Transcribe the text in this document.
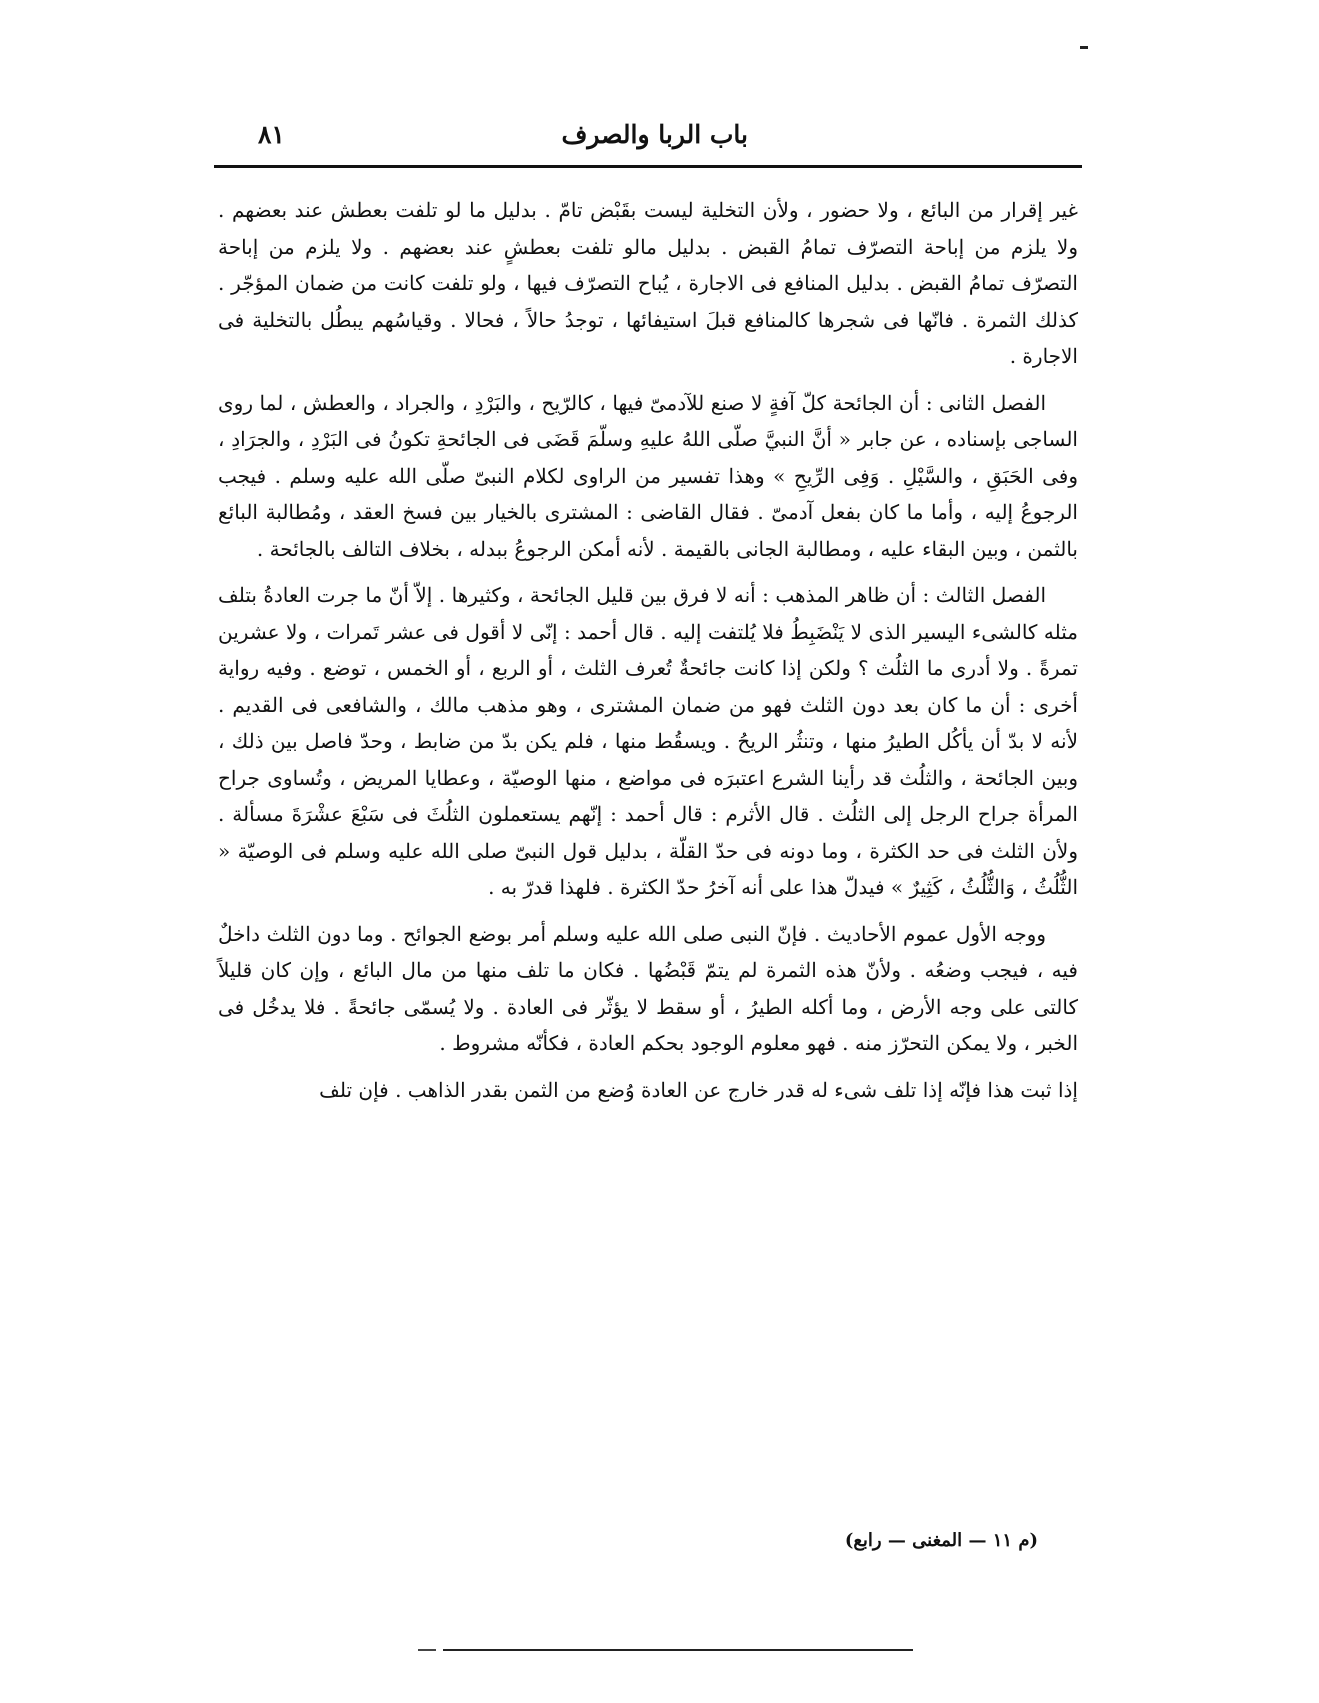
باب الربا والصرف
٨١

غير إقرار من البائع ، ولا حضور ، ولأن التخلية ليست بقَبْض تامّ . بدليل ما لو تلفت بعطش عند بعضهم . ولا يلزم من إباحة التصرّف تمامُ القبض . بدليل مالو تلفت بعطشٍ عند بعضهم . ولا يلزم من إباحة التصرّف تمامُ القبض . بدليل المنافع فى الاجارة ، يُباح التصرّف فيها ، ولو تلفت كانت من ضمان المؤجّر . كذلك الثمرة . فانّها فى شجرها كالمنافع قبلَ استيفائها ، توجدُ حالاً ، فحالا . وقياسُهم يبطُل بالتخلية فى الاجارة .

الفصل الثانى : أن الجائحة كلّ آفةٍ لا صنع للآدمىّ فيها ، كالرّيح ، والبَرْدِ ، والجراد ، والعطش ، لما روى الساجى بإسناده ، عن جابر « أنَّ النبيَّ صلّى اللهُ عليهِ وسلّمَ قَضَى فى الجائحةِ تكونُ فى البَرْدِ ، والجرَادِ ، وفى الحَبَقِ ، والسَّيْلِ . وَفِى الرِّيحِ » وهذا تفسير من الراوى لكلام النبىّ صلّى الله عليه وسلم . فيجب الرجوعُ إليه ، وأما ما كان بفعل آدمىّ . فقال القاضى : المشترى بالخيار بين فسخ العقد ، ومُطالبة البائع بالثمن ، وبين البقاء عليه ، ومطالبة الجانى بالقيمة . لأنه أمكن الرجوعُ ببدله ، بخلاف التالف بالجائحة .

الفصل الثالث : أن ظاهر المذهب : أنه لا فرق بين قليل الجائحة ، وكثيرها . إلاّ أنّ ما جرت العادةُ بتلف مثله كالشىء اليسير الذى لا يَنْضَبِطُ فلا يُلتفت إليه . قال أحمد : إنّى لا أقول فى عشر تَمرات ، ولا عشرين تمرةً . ولا أدرى ما الثلُث ؟ ولكن إذا كانت جائحةٌ تُعرف الثلث ، أو الربع ، أو الخمس ، توضع . وفيه رواية أخرى : أن ما كان بعد دون الثلث فهو من ضمان المشترى ، وهو مذهب مالك ، والشافعى فى القديم . لأنه لا بدّ أن يأكُل الطيرُ منها ، وتنثُر الريحُ . ويسقُط منها ، فلم يكن بدّ من ضابط ، وحدّ فاصل بين ذلك ، وبين الجائحة ، والثلُث قد رأينا الشرع اعتبرَه فى مواضع ، منها الوصيّة ، وعطايا المريض ، وتُساوى جراح المرأة جراح الرجل إلى الثلُث . قال الأثرم : قال أحمد : إنّهم يستعملون الثلُثَ فى سَبْعَ عشْرَةَ مسألة . ولأن الثلث فى حد الكثرة ، وما دونه فى حدّ القلّة ، بدليل قول النبىّ صلى الله عليه وسلم فى الوصيّة « الثُّلُثُ ، وَالثُّلُثُ ، كَثِيرٌ » فيدلّ هذا على أنه آخرُ حدّ الكثرة . فلهذا قدرّ به .

ووجه الأول عموم الأحاديث . فإنّ النبى صلى الله عليه وسلم أمر بوضع الجوائح . وما دون الثلث داخلٌ فيه ، فيجب وضعُه . ولأنّ هذه الثمرة لم يتمّ قَبْضُها . فكان ما تلف منها من مال البائع ، وإن كان قليلاً كالتى على وجه الأرض ، وما أكله الطيرُ ، أو سقط لا يؤثّر فى العادة . ولا يُسمّى جائحةً . فلا يدخُل فى الخبر ، ولا يمكن التحرّز منه . فهو معلوم الوجود بحكم العادة ، فكأنّه مشروط .

إذا ثبت هذا فإنّه إذا تلف شىء له قدر خارج عن العادة وُضع من الثمن بقدر الذاهب . فإن تلف

(م ١١ — المغنى — رابع)
